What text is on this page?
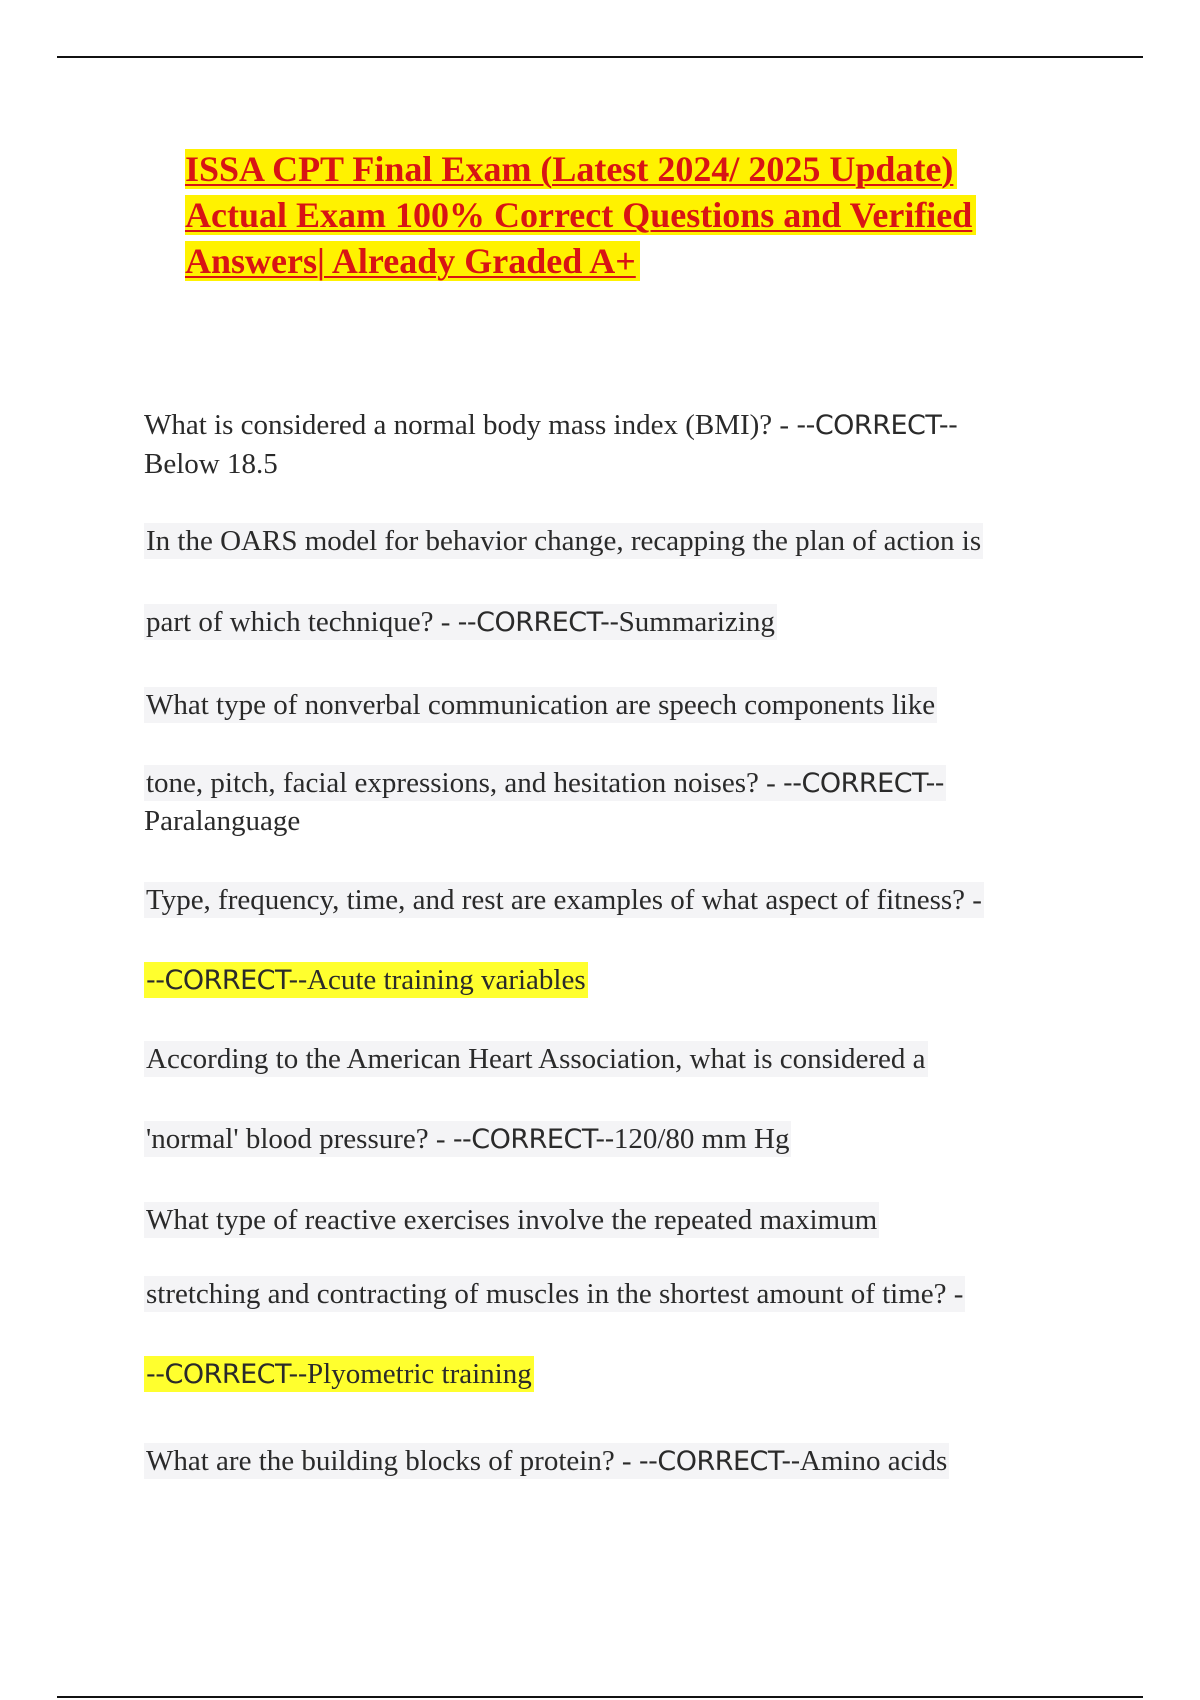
ISSA CPT Final Exam (Latest 2024/ 2025 Update)
Actual Exam 100% Correct Questions and Verified
Answers| Already Graded A+
What is considered a normal body mass index (BMI)? - --CORRECT--
Below 18.5
In the OARS model for behavior change, recapping the plan of action is
part of which technique? - --CORRECT--Summarizing
What type of nonverbal communication are speech components like
tone, pitch, facial expressions, and hesitation noises? - --CORRECT--
Paralanguage
Type, frequency, time, and rest are examples of what aspect of fitness? -
--CORRECT--Acute training variables
According to the American Heart Association, what is considered a
'normal' blood pressure? - --CORRECT--120/80 mm Hg
What type of reactive exercises involve the repeated maximum
stretching and contracting of muscles in the shortest amount of time? -
--CORRECT--Plyometric training
What are the building blocks of protein? - --CORRECT--Amino acids
